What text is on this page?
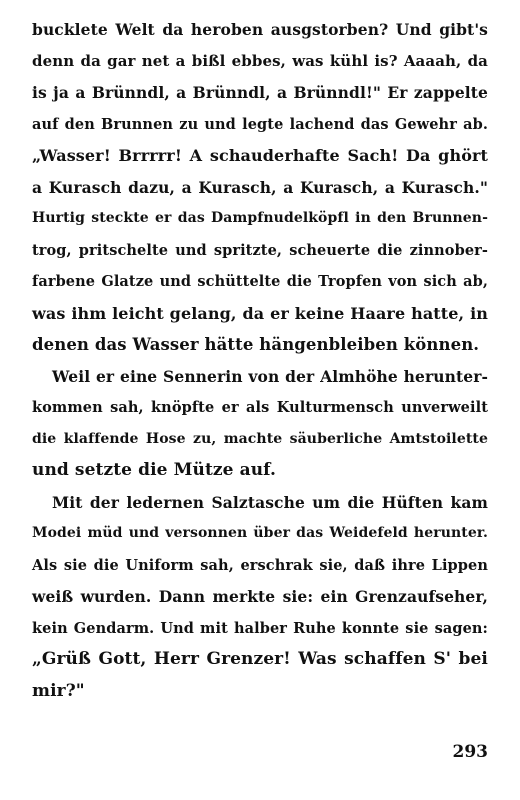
bucklete Welt da heroben ausgstorben? Und gibt's
denn da gar net a bißl ebbes, was kühl is? Aaaah, da
is ja a Brünndl, a Brünndl, a Brünndl!" Er zappelte
auf den Brunnen zu und legte lachend das Gewehr ab.
„Wasser! Brrrrr! A schauderhafte Sach! Da ghört
a Kurasch dazu, a Kurasch, a Kurasch, a Kurasch."
Hurtig steckte er das Dampfnudelköpfl in den Brunnen-
trog, pritschelte und spritzte, scheuerte die zinnober-
farbene Glatze und schüttelte die Tropfen von sich ab,
was ihm leicht gelang, da er keine Haare hatte, in
denen das Wasser hätte hängenbleiben können.
Weil er eine Sennerin von der Almhöhe herunter-
kommen sah, knöpfte er als Kulturmensch unverweilt
die klaffende Hose zu, machte säuberliche Amtstoilette
und setzte die Mütze auf.
Mit der ledernen Salztasche um die Hüften kam
Modei müd und versonnen über das Weidefeld herunter.
Als sie die Uniform sah, erschrak sie, daß ihre Lippen
weiß wurden. Dann merkte sie: ein Grenzaufseher,
kein Gendarm. Und mit halber Ruhe konnte sie sagen:
„Grüß Gott, Herr Grenzer! Was schaffen S' bei
mir?"
293
